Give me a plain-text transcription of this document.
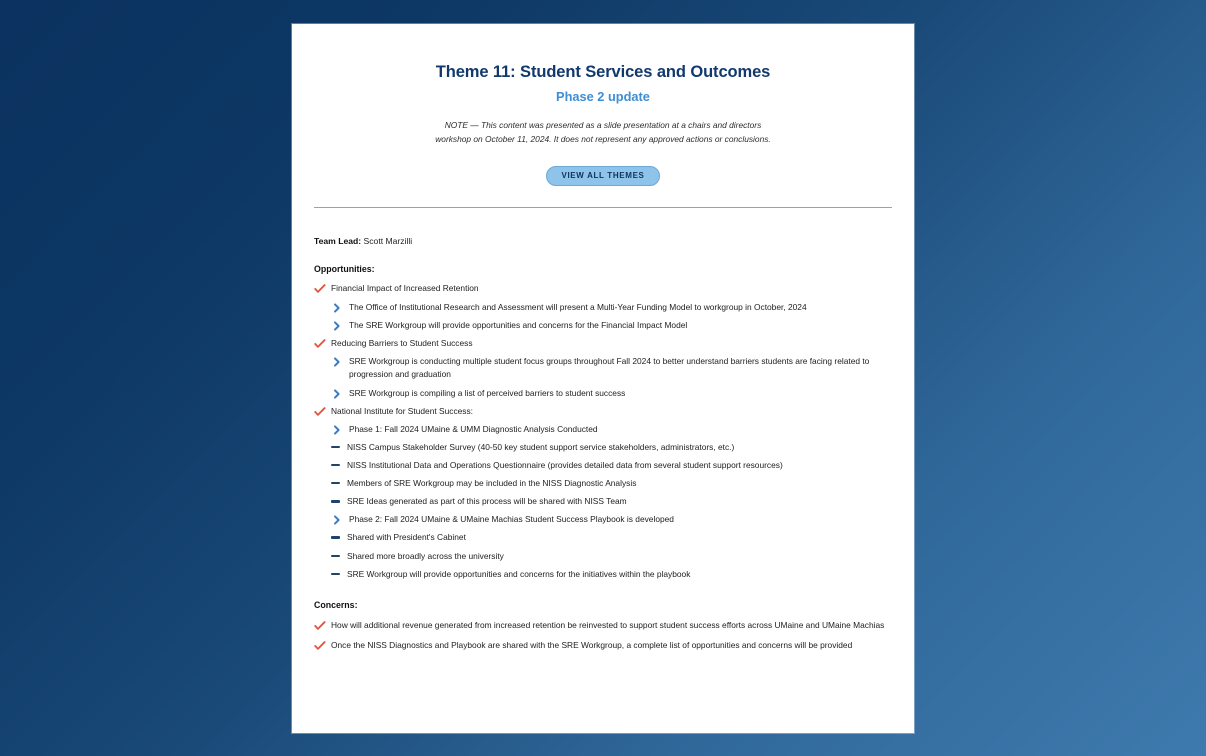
Theme 11: Student Services and Outcomes
Phase 2 update

NOTE — This content was presented as a slide presentation at a chairs and directors workshop on October 11, 2024. It does not represent any approved actions or conclusions.

VIEW ALL THEMES
Team Lead: Scott Marzilli
Opportunities:
Financial Impact of Increased Retention
The Office of Institutional Research and Assessment will present a Multi-Year Funding Model to workgroup in October, 2024
The SRE Workgroup will provide opportunities and concerns for the Financial Impact Model
Reducing Barriers to Student Success
SRE Workgroup is conducting multiple student focus groups throughout Fall 2024 to better understand barriers students are facing related to progression and graduation
SRE Workgroup is compiling a list of perceived barriers to student success
National Institute for Student Success:
Phase 1: Fall 2024 UMaine & UMM Diagnostic Analysis Conducted
NISS Campus Stakeholder Survey (40-50 key student support service stakeholders, administrators, etc.)
NISS Institutional Data and Operations Questionnaire (provides detailed data from several student support resources)
Members of SRE Workgroup may be included in the NISS Diagnostic Analysis
SRE Ideas generated as part of this process will be shared with NISS Team
Phase 2: Fall 2024 UMaine & UMaine Machias Student Success Playbook is developed
Shared with President's Cabinet
Shared more broadly across the university
SRE Workgroup will provide opportunities and concerns for the initiatives within the playbook
Concerns:
How will additional revenue generated from increased retention be reinvested to support student success efforts across UMaine and UMaine Machias
Once the NISS Diagnostics and Playbook are shared with the SRE Workgroup, a complete list of opportunities and concerns will be provided
